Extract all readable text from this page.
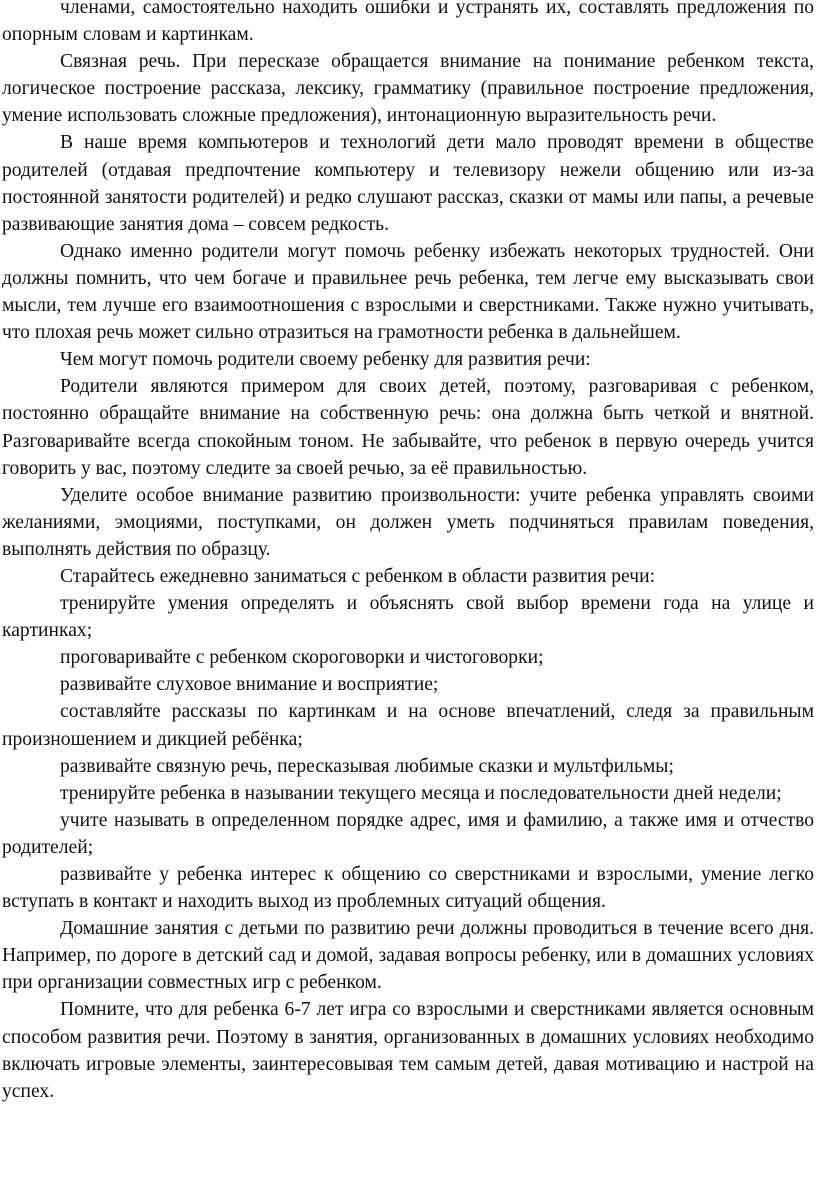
членами, самостоятельно находить ошибки и устранять их, составлять предложения по опорным словам и картинкам.

Связная речь. При пересказе обращается внимание на понимание ребенком текста, логическое построение рассказа, лексику, грамматику (правильное построение предложения, умение использовать сложные предложения), интонационную выразительность речи.

В наше время компьютеров и технологий дети мало проводят времени в обществе родителей (отдавая предпочтение компьютеру и телевизору нежели общению или из-за постоянной занятости родителей) и редко слушают рассказ, сказки от мамы или папы, а речевые развивающие занятия дома – совсем редкость.

Однако именно родители могут помочь ребенку избежать некоторых трудностей. Они должны помнить, что чем богаче и правильнее речь ребенка, тем легче ему высказывать свои мысли, тем лучше его взаимоотношения с взрослыми и сверстниками. Также нужно учитывать, что плохая речь может сильно отразиться на грамотности ребенка в дальнейшем.

Чем могут помочь родители своему ребенку для развития речи:

Родители являются примером для своих детей, поэтому, разговаривая с ребенком, постоянно обращайте внимание на собственную речь: она должна быть четкой и внятной. Разговаривайте всегда спокойным тоном. Не забывайте, что ребенок в первую очередь учится говорить у вас, поэтому следите за своей речью, за её правильностью.

Уделите особое внимание развитию произвольности: учите ребенка управлять своими желаниями, эмоциями, поступками, он должен уметь подчиняться правилам поведения, выполнять действия по образцу.

Старайтесь ежедневно заниматься с ребенком в области развития речи:

тренируйте умения определять и объяснять свой выбор времени года на улице и картинках;

проговаривайте с ребенком скороговорки и чистоговорки;

развивайте слуховое внимание и восприятие;

составляйте рассказы по картинкам и на основе впечатлений, следя за правильным произношением и дикцией ребёнка;

развивайте связную речь, пересказывая любимые сказки и мультфильмы;

тренируйте ребенка в назывании текущего месяца и последовательности дней недели;

учите называть в определенном порядке адрес, имя и фамилию, а также имя и отчество родителей;

развивайте у ребенка интерес к общению со сверстниками и взрослыми, умение легко вступать в контакт и находить выход из проблемных ситуаций общения.

Домашние занятия с детьми по развитию речи должны проводиться в течение всего дня. Например, по дороге в детский сад и домой, задавая вопросы ребенку, или в домашних условиях при организации совместных игр с ребенком.

Помните, что для ребенка 6-7 лет игра со взрослыми и сверстниками является основным способом развития речи. Поэтому в занятия, организованных в домашних условиях необходимо включать игровые элементы, заинтересовывая тем самым детей, давая мотивацию и настрой на успех.
